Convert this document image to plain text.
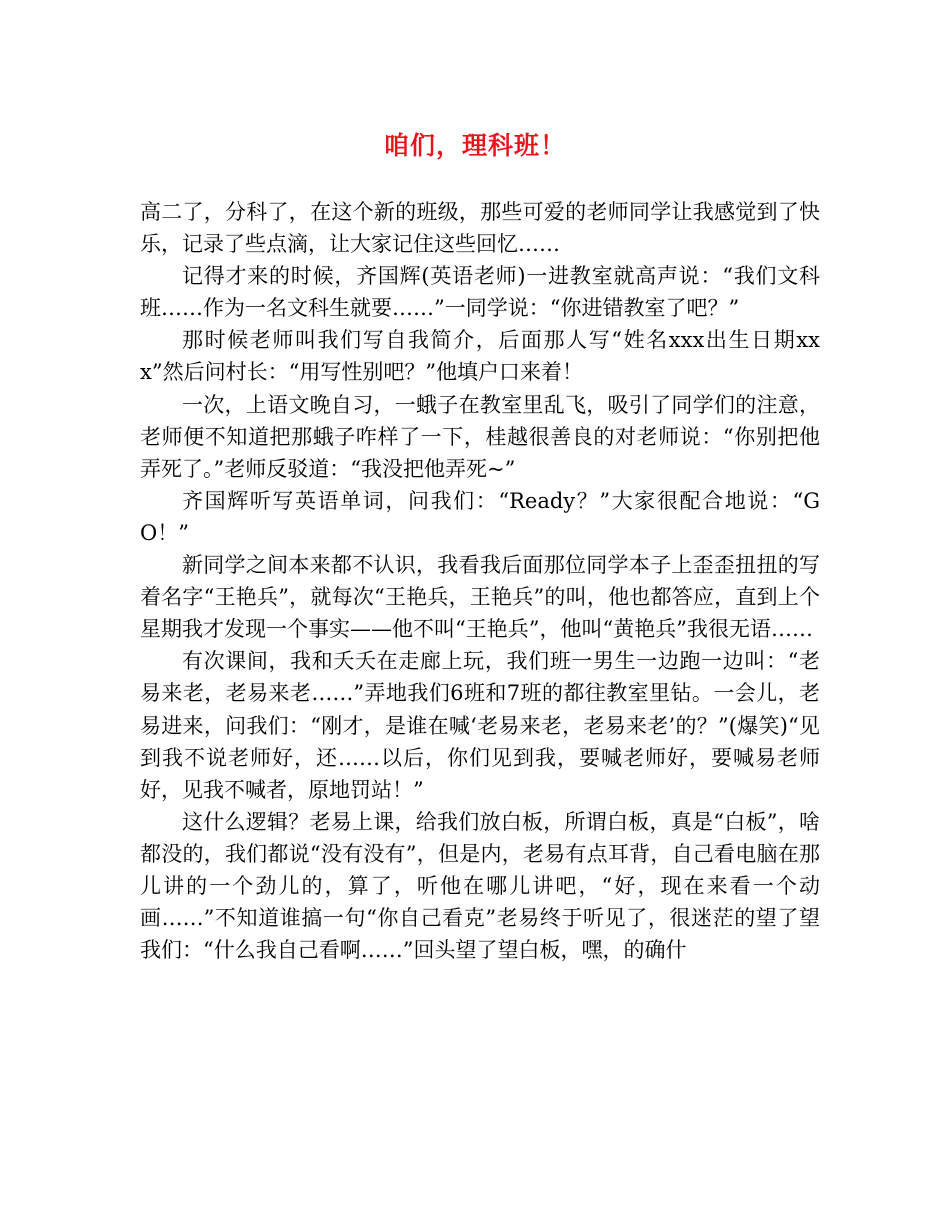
咱们，理科班！

高二了，分科了，在这个新的班级，那些可爱的老师同学让我感觉到了快乐，记录了些点滴，让大家记住这些回忆……

记得才来的时候，齐国辉(英语老师)一进教室就高声说：“我们文科班……作为一名文科生就要……”一同学说：“你进错教室了吧？”

那时候老师叫我们写自我简介，后面那人写“姓名xxx出生日期xxx”然后问村长：“用写性别吧？”他填户口来着！

一次，上语文晚自习，一蛾子在教室里乱飞，吸引了同学们的注意，老师便不知道把那蛾子咋样了一下，桂越很善良的对老师说：“你别把他弄死了。”老师反驳道：“我没把他弄死~”

齐国辉听写英语单词，问我们：“Ready？”大家很配合地说：“GO！”

新同学之间本来都不认识，我看我后面那位同学本子上歪歪扭扭的写着名字“王艳兵”，就每次“王艳兵，王艳兵”的叫，他也都答应，直到上个星期我才发现一个事实——他不叫“王艳兵”，他叫“黄艳兵”我很无语……

有次课间，我和夭夭在走廊上玩，我们班一男生一边跑一边叫：“老易来老，老易来老……”弄地我们6班和7班的都往教室里钻。一会儿，老易进来，问我们：“刚才，是谁在喊‘老易来老，老易来老’的？”(爆笑)“见到我不说老师好，还……以后，你们见到我，要喊老师好，要喊易老师好，见我不喊者，原地罚站！”

这什么逻辑？老易上课，给我们放白板，所谓白板，真是“白板”，啥都没的，我们都说“没有没有”，但是内，老易有点耳背，自己看电脑在那儿讲的一个劲儿的，算了，听他在哪儿讲吧，“好，现在来看一个动画……”不知道谁搞一句“你自己看克”老易终于听见了，很迷茫的望了望我们：“什么我自己看啊……”回头望了望白板，嘿，的确什
